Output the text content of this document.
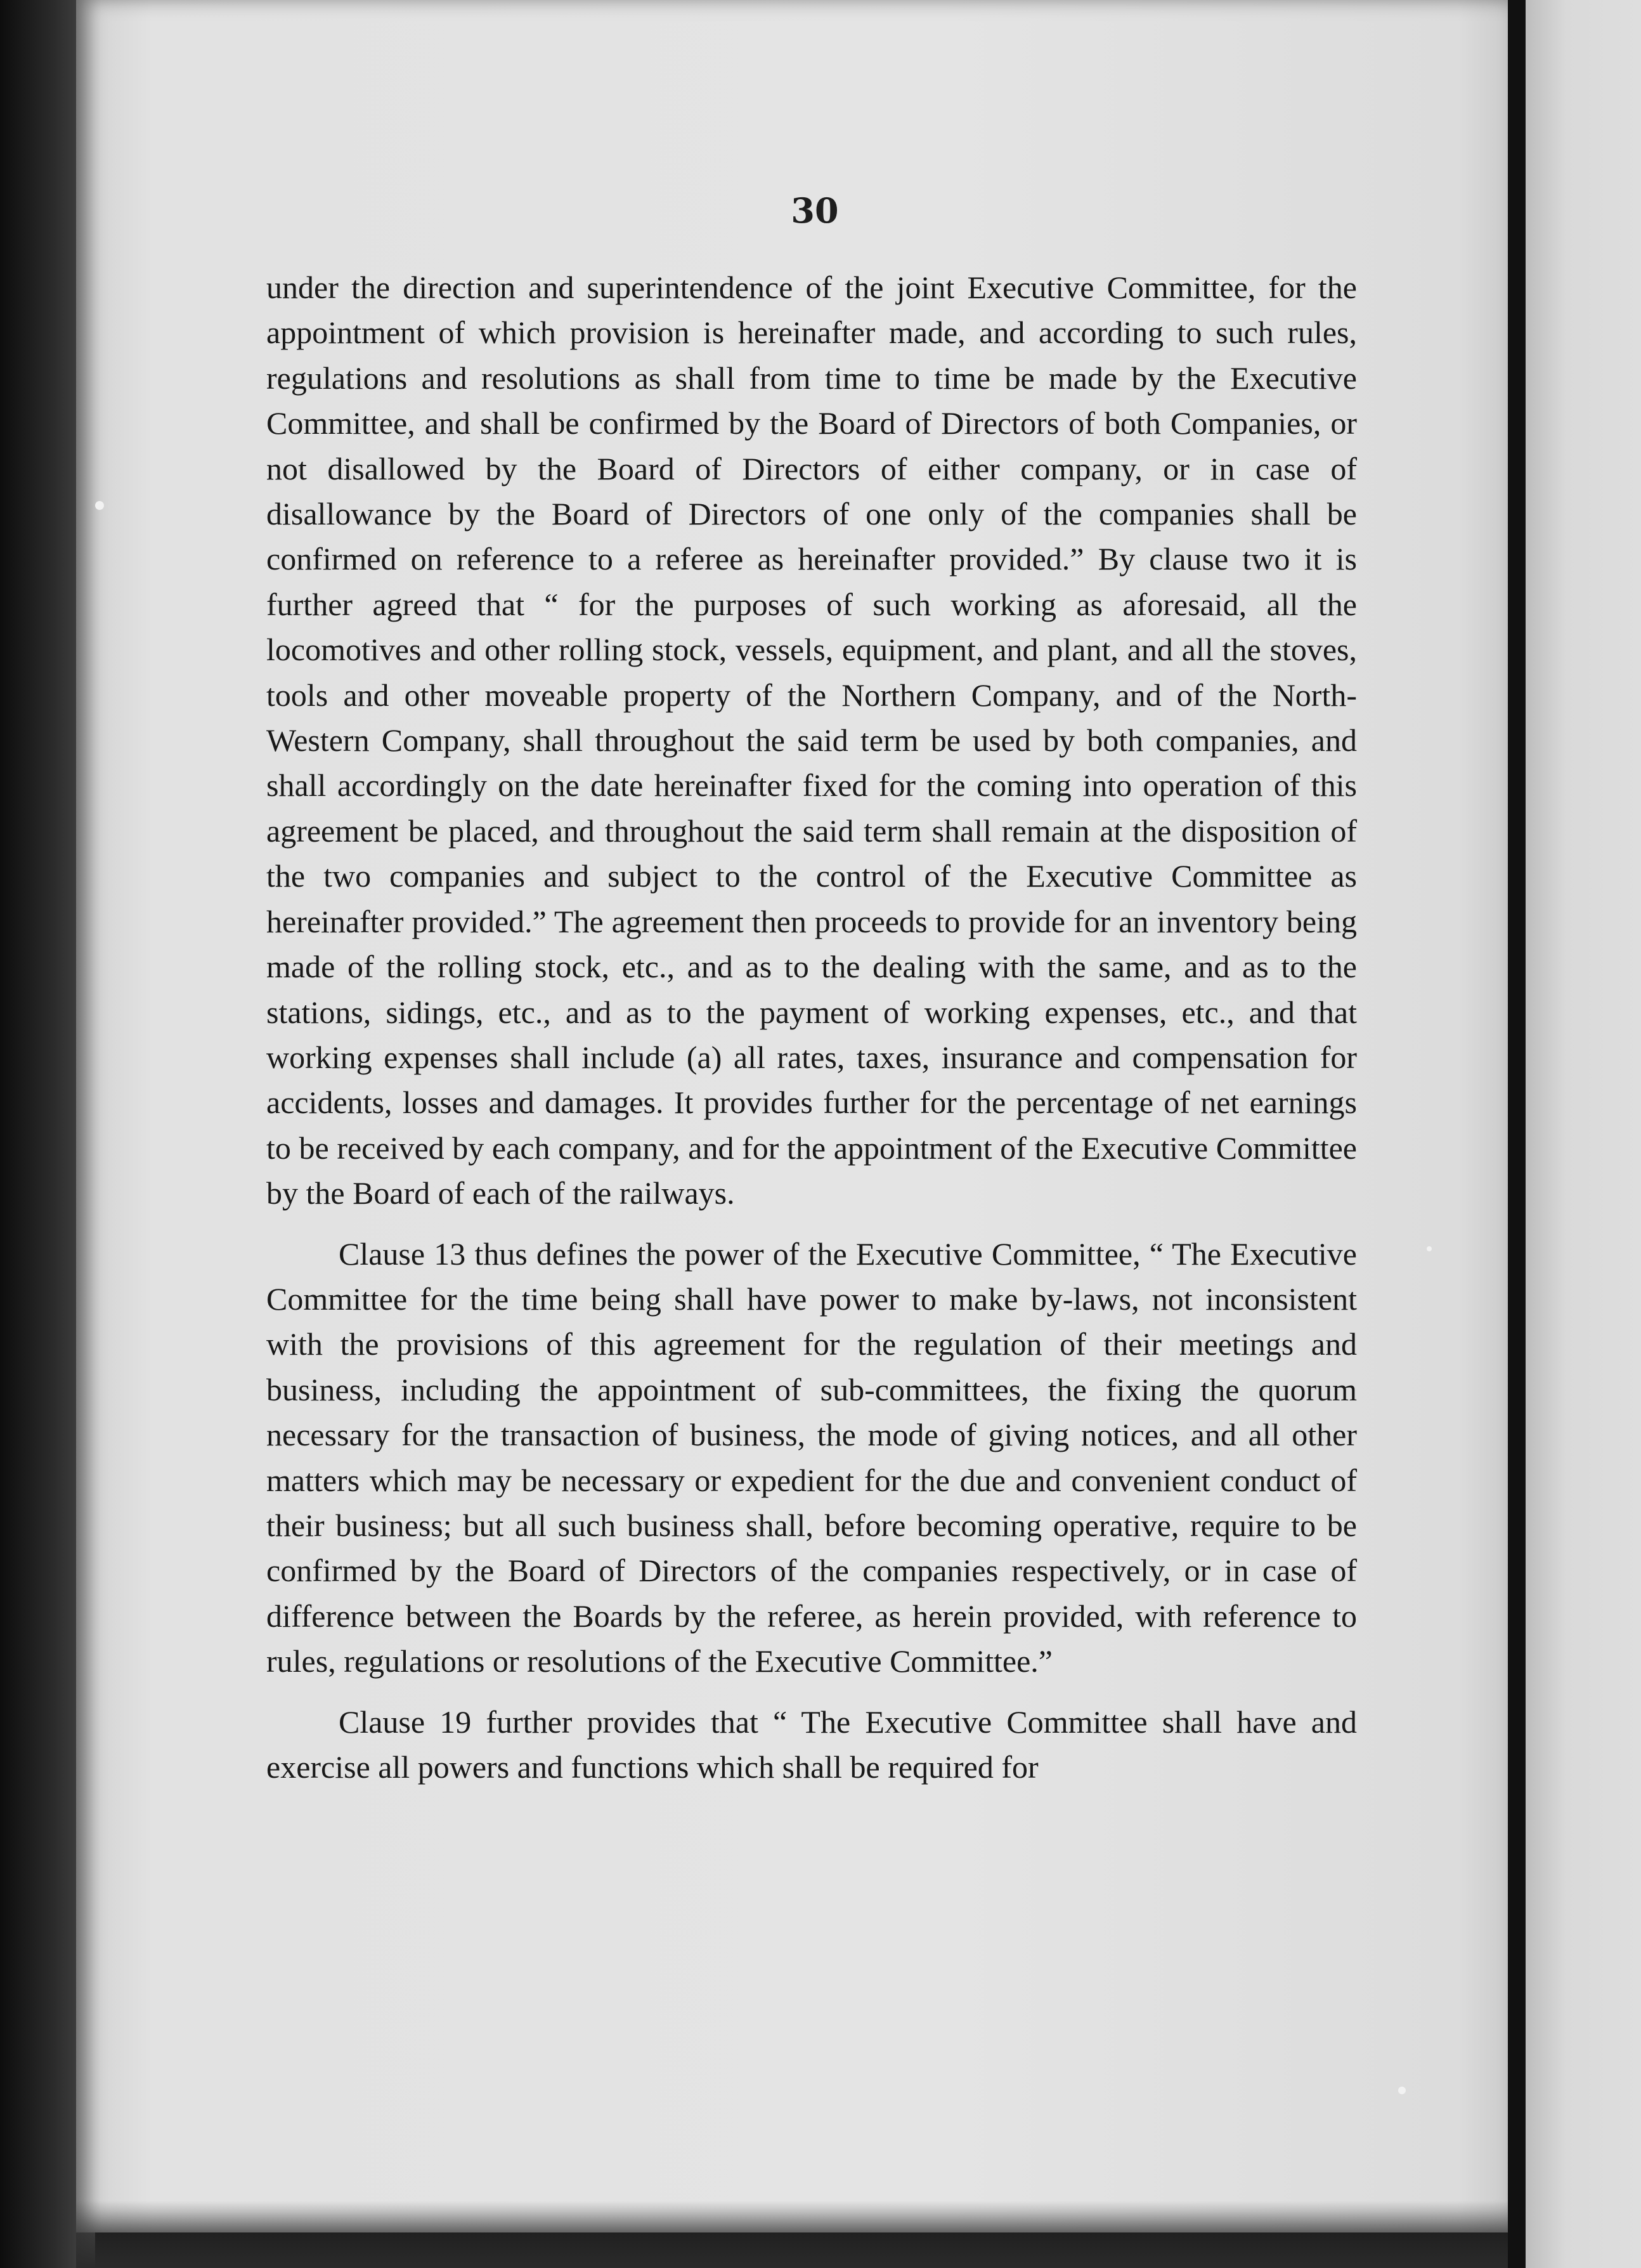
30

under the direction and superintendence of the joint Executive Committee, for the appointment of which provision is hereinafter made, and according to such rules, regulations and resolutions as shall from time to time be made by the Executive Committee, and shall be confirmed by the Board of Directors of both Companies, or not disallowed by the Board of Directors of either company, or in case of disallowance by the Board of Directors of one only of the companies shall be confirmed on reference to a referee as hereinafter provided.” By clause two it is further agreed that “ for the purposes of such working as aforesaid, all the locomotives and other rolling stock, vessels, equipment, and plant, and all the stoves, tools and other moveable property of the Northern Company, and of the North-Western Company, shall throughout the said term be used by both companies, and shall accordingly on the date hereinafter fixed for the coming into operation of this agreement be placed, and throughout the said term shall remain at the disposition of the two companies and subject to the control of the Executive Committee as hereinafter provided.” The agreement then proceeds to provide for an inventory being made of the rolling stock, etc., and as to the dealing with the same, and as to the stations, sidings, etc., and as to the payment of working expenses, etc., and that working expenses shall include (a) all rates, taxes, insurance and compensation for accidents, losses and damages. It provides further for the percentage of net earnings to be received by each company, and for the appointment of the Executive Committee by the Board of each of the railways.

Clause 13 thus defines the power of the Executive Committee, “ The Executive Committee for the time being shall have power to make by-laws, not inconsistent with the provisions of this agreement for the regulation of their meetings and business, including the appointment of sub-committees, the fixing the quorum necessary for the transaction of business, the mode of giving notices, and all other matters which may be necessary or expedient for the due and convenient conduct of their business; but all such business shall, before becoming operative, require to be confirmed by the Board of Directors of the companies respectively, or in case of difference between the Boards by the referee, as herein provided, with reference to rules, regulations or resolutions of the Executive Committee.”

Clause 19 further provides that “ The Executive Committee shall have and exercise all powers and functions which shall be required for
